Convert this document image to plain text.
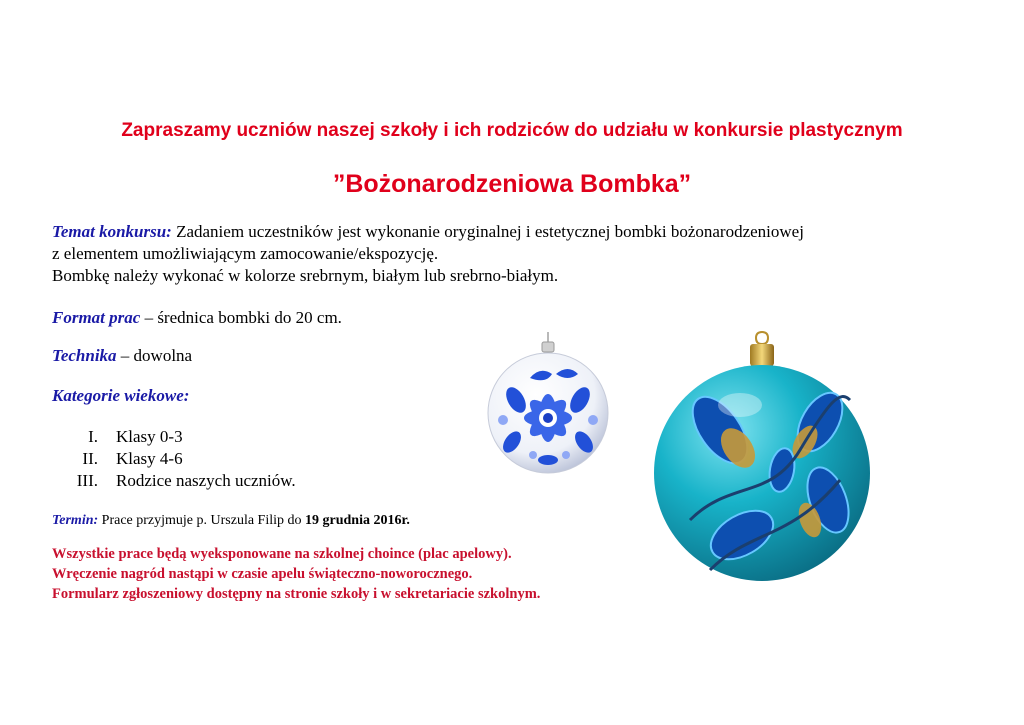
Zapraszamy uczniów naszej szkoły i ich rodziców do udziału w konkursie plastycznym
”Bożonarodzeniowa Bombka”
Temat konkursu: Zadaniem uczestników jest wykonanie oryginalnej i estetycznej bombki bożonarodzeniowej
z elementem umożliwiającym zamocowanie/ekspozycję.
Bombkę należy wykonać w kolorze srebrnym, białym lub srebrno-białym.
Format prac – średnica bombki do 20 cm.
Technika – dowolna
Kategorie wiekowe:
I. Klasy 0-3
II. Klasy 4-6
III. Rodzice naszych uczniów.
Termin: Prace przyjmuje p. Urszula Filip do 19 grudnia 2016r.
Wszystkie prace będą wyeksponowane na szkolnej choince (plac apelowy).
Wręczenie nagród nastąpi w czasie apelu świąteczno-noworocznego.
Formularz zgłoszeniowy dostępny na stronie szkoły i w sekretariacie szkolnym.
